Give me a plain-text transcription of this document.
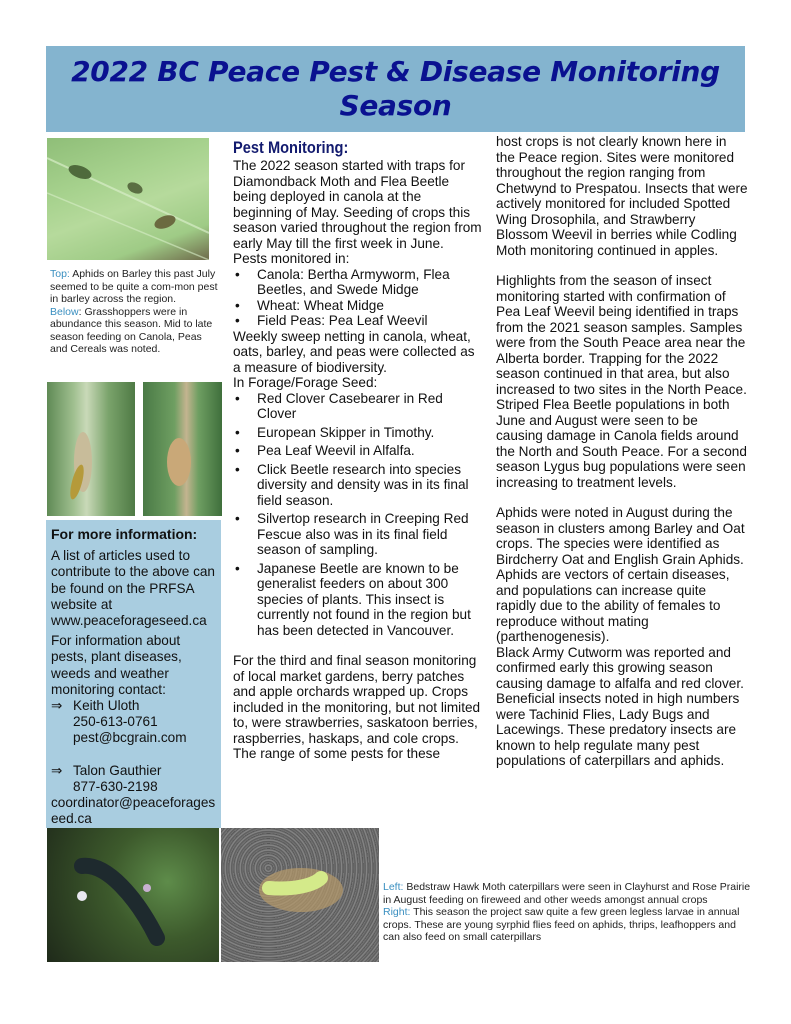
2022 BC Peace Pest & Disease Monitoring
Season
Top: Aphids on Barley this past July seemed to be quite a com-mon pest in barley across the region.
Below: Grasshoppers were in abundance this season. Mid to late season feeding on Canola, Peas and Cereals was noted.
For more information:

A list of articles used to contribute to the above can be found on the PRFSA website at www.peaceforageseed.ca

For information about pests, plant diseases, weeds and weather monitoring contact:

⇒ Keith Uloth
250-613-0761
pest@bcgrain.com
⇒ Talon Gauthier
877-630-2198
coordinator@peaceforageseed.ca
Pest Monitoring:

The 2022 season started with traps for Diamondback Moth and Flea Beetle being deployed in canola at the beginning of May. Seeding of crops this season varied throughout the region from early May till the first week in June.

Pests monitored in:

• Canola: Bertha Armyworm, Flea Beetles, and Swede Midge
• Wheat: Wheat Midge
• Field Peas: Pea Leaf Weevil

Weekly sweep netting in canola, wheat, oats, barley, and peas were collected as a measure of biodiversity.

In Forage/Forage Seed:

• Red Clover Casebearer in Red Clover
• European Skipper in Timothy.
• Pea Leaf Weevil in Alfalfa.
• Click Beetle research into species diversity and density was in its final field season.
• Silvertop research in Creeping Red Fescue also was in its final field season of sampling.
• Japanese Beetle are known to be generalist feeders on about 300 species of plants. This insect is currently not found in the region but has been detected in Vancouver.

For the third and final season monitoring of local market gardens, berry patches and apple orchards wrapped up. Crops included in the monitoring, but not limited to, were strawberries, saskatoon berries, raspberries, haskaps, and cole crops. The range of some pests for these

host crops is not clearly known here in the Peace region. Sites were monitored throughout the region ranging from Chetwynd to Prespatou. Insects that were actively monitored for included Spotted Wing Drosophila, and Strawberry Blossom Weevil in berries while Codling Moth monitoring continued in apples.

Highlights from the season of insect monitoring started with confirmation of Pea Leaf Weevil being identified in traps from the 2021 season samples. Samples were from the South Peace area near the Alberta border. Trapping for the 2022 season continued in that area, but also increased to two sites in the North Peace. Striped Flea Beetle populations in both June and August were seen to be causing damage in Canola fields around the North and South Peace. For a second season Lygus bug populations were seen increasing to treatment levels.

Aphids were noted in August during the season in clusters among Barley and Oat crops. The species were identified as Birdcherry Oat and English Grain Aphids. Aphids are vectors of certain diseases, and populations can increase quite rapidly due to the ability of females to reproduce without mating (parthenogenesis).

Black Army Cutworm was reported and confirmed early this growing season causing damage to alfalfa and red clover.

Beneficial insects noted in high numbers were Tachinid Flies, Lady Bugs and Lacewings. These predatory insects are known to help regulate many pest populations of caterpillars and aphids.

Left: Bedstraw Hawk Moth caterpillars were seen in Clayhurst and Rose Prairie in August feeding on fireweed and other weeds amongst annual crops
Right: This season the project saw quite a few green legless larvae in annual crops. These are young syrphid flies feed on aphids, thrips, leafhoppers and can also feed on small caterpillars
